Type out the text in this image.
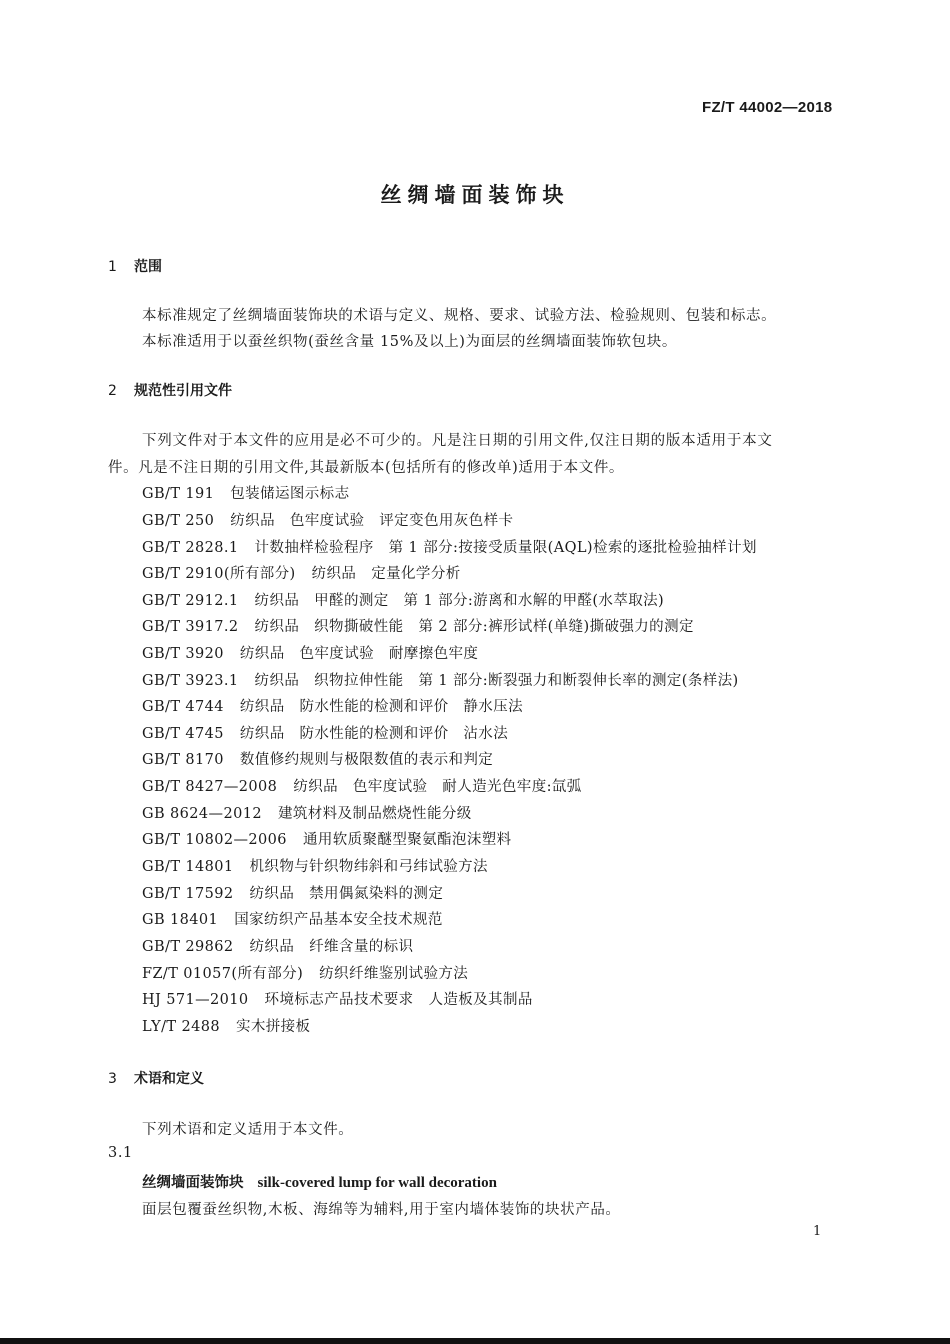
FZ/T 44002—2018
丝绸墙面装饰块
1 范围
本标准规定了丝绸墙面装饰块的术语与定义、规格、要求、试验方法、检验规则、包装和标志。
本标准适用于以蚕丝织物(蚕丝含量 15%及以上)为面层的丝绸墙面装饰软包块。
2 规范性引用文件
下列文件对于本文件的应用是必不可少的。凡是注日期的引用文件,仅注日期的版本适用于本文
件。凡是不注日期的引用文件,其最新版本(包括所有的修改单)适用于本文件。
GB/T 191 包装储运图示标志
GB/T 250 纺织品　色牢度试验　评定变色用灰色样卡
GB/T 2828.1 计数抽样检验程序　第 1 部分:按接受质量限(AQL)检索的逐批检验抽样计划
GB/T 2910(所有部分) 纺织品　定量化学分析
GB/T 2912.1 纺织品　甲醛的测定　第 1 部分:游离和水解的甲醛(水萃取法)
GB/T 3917.2 纺织品　织物撕破性能　第 2 部分:裤形试样(单缝)撕破强力的测定
GB/T 3920 纺织品　色牢度试验　耐摩擦色牢度
GB/T 3923.1 纺织品　织物拉伸性能　第 1 部分:断裂强力和断裂伸长率的测定(条样法)
GB/T 4744 纺织品　防水性能的检测和评价　静水压法
GB/T 4745 纺织品　防水性能的检测和评价　沾水法
GB/T 8170 数值修约规则与极限数值的表示和判定
GB/T 8427—2008 纺织品　色牢度试验　耐人造光色牢度:氙弧
GB 8624—2012 建筑材料及制品燃烧性能分级
GB/T 10802—2006 通用软质聚醚型聚氨酯泡沫塑料
GB/T 14801 机织物与针织物纬斜和弓纬试验方法
GB/T 17592 纺织品　禁用偶氮染料的测定
GB 18401 国家纺织产品基本安全技术规范
GB/T 29862 纺织品　纤维含量的标识
FZ/T 01057(所有部分) 纺织纤维鉴别试验方法
HJ 571—2010 环境标志产品技术要求　人造板及其制品
LY/T 2488 实木拼接板
3 术语和定义
下列术语和定义适用于本文件。
3.1
丝绸墙面装饰块 silk-covered lump for wall decoration
面层包覆蚕丝织物,木板、海绵等为辅料,用于室内墙体装饰的块状产品。
1
